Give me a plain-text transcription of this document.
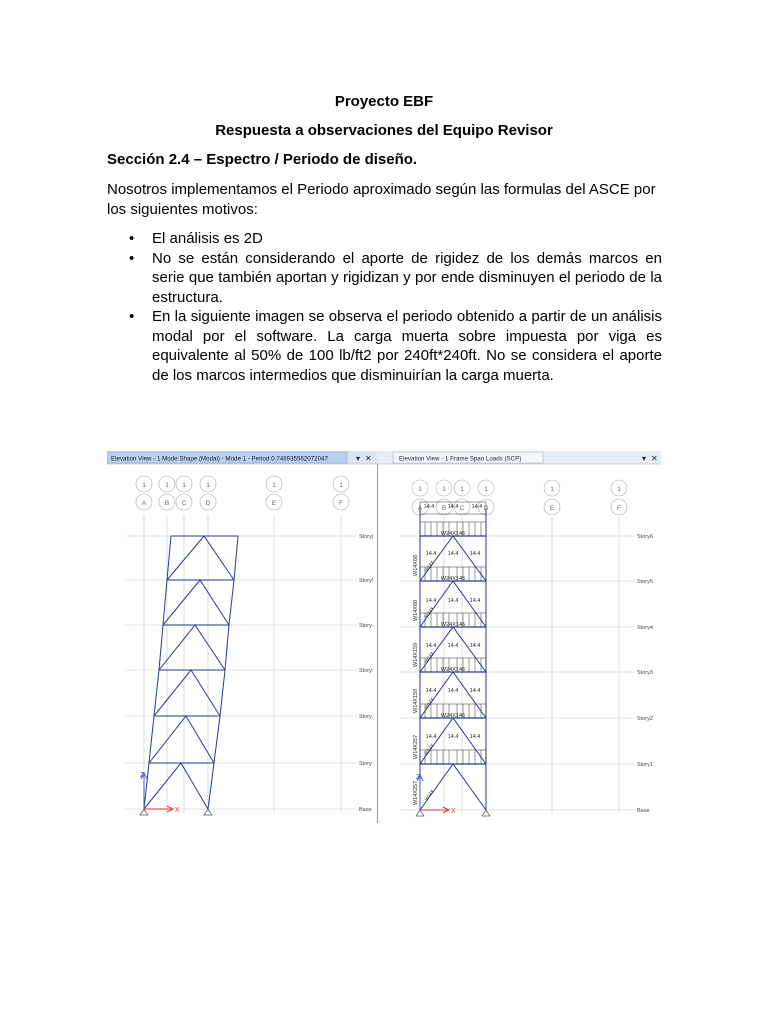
Proyecto EBF
Respuesta a observaciones del Equipo Revisor
Sección 2.4 – Espectro / Periodo de diseño.
Nosotros implementamos el Periodo aproximado según las formulas del ASCE por los siguientes motivos:
• El análisis es 2D
• No se están considerando el aporte de rigidez de los demás marcos en serie que también aportan y rigidizan y por ende disminuyen el periodo de la estructura.
• En la siguiente imagen se observa el periodo obtenido a partir de un análisis modal por el software. La carga muerta sobre impuesta por viga es equivalente al 50% de 100 lb/ft2 por 240ft*240ft. No se considera el aporte de los marcos intermedios que disminuirían la carga muerta.
Elevation View - 1 Mode Shape (Modal) - Mode 1 - Period 0.748935562072047	▾ ✕
1
A
1
B
1
C
1
D
1
E
1
F
Story(
Story!
Story-
Story:
Story.
Story
Base
Z
X
Elevation View - 1 Frame Span Loads (SCP)	▾ ✕
1
A
1
B
1
C
1
D
1
E
1
F
Story6
Story5
Story4
Story3
Story2
Story1
Base
14.4 14.4 14.4
14.4 14.4 14.4
14.4 14.4 14.4
14.4 14.4 14.4
14.4 14.4 14.4
14.4 14.4 14.4
W24X146
W24X146
W24X146
W24X146
W24X146
W14X68
W14X68
W14X159
W14X159
W14X257
W14X257 W14X
W14X
W14X
W14X
W14X
W14X
Z
X
